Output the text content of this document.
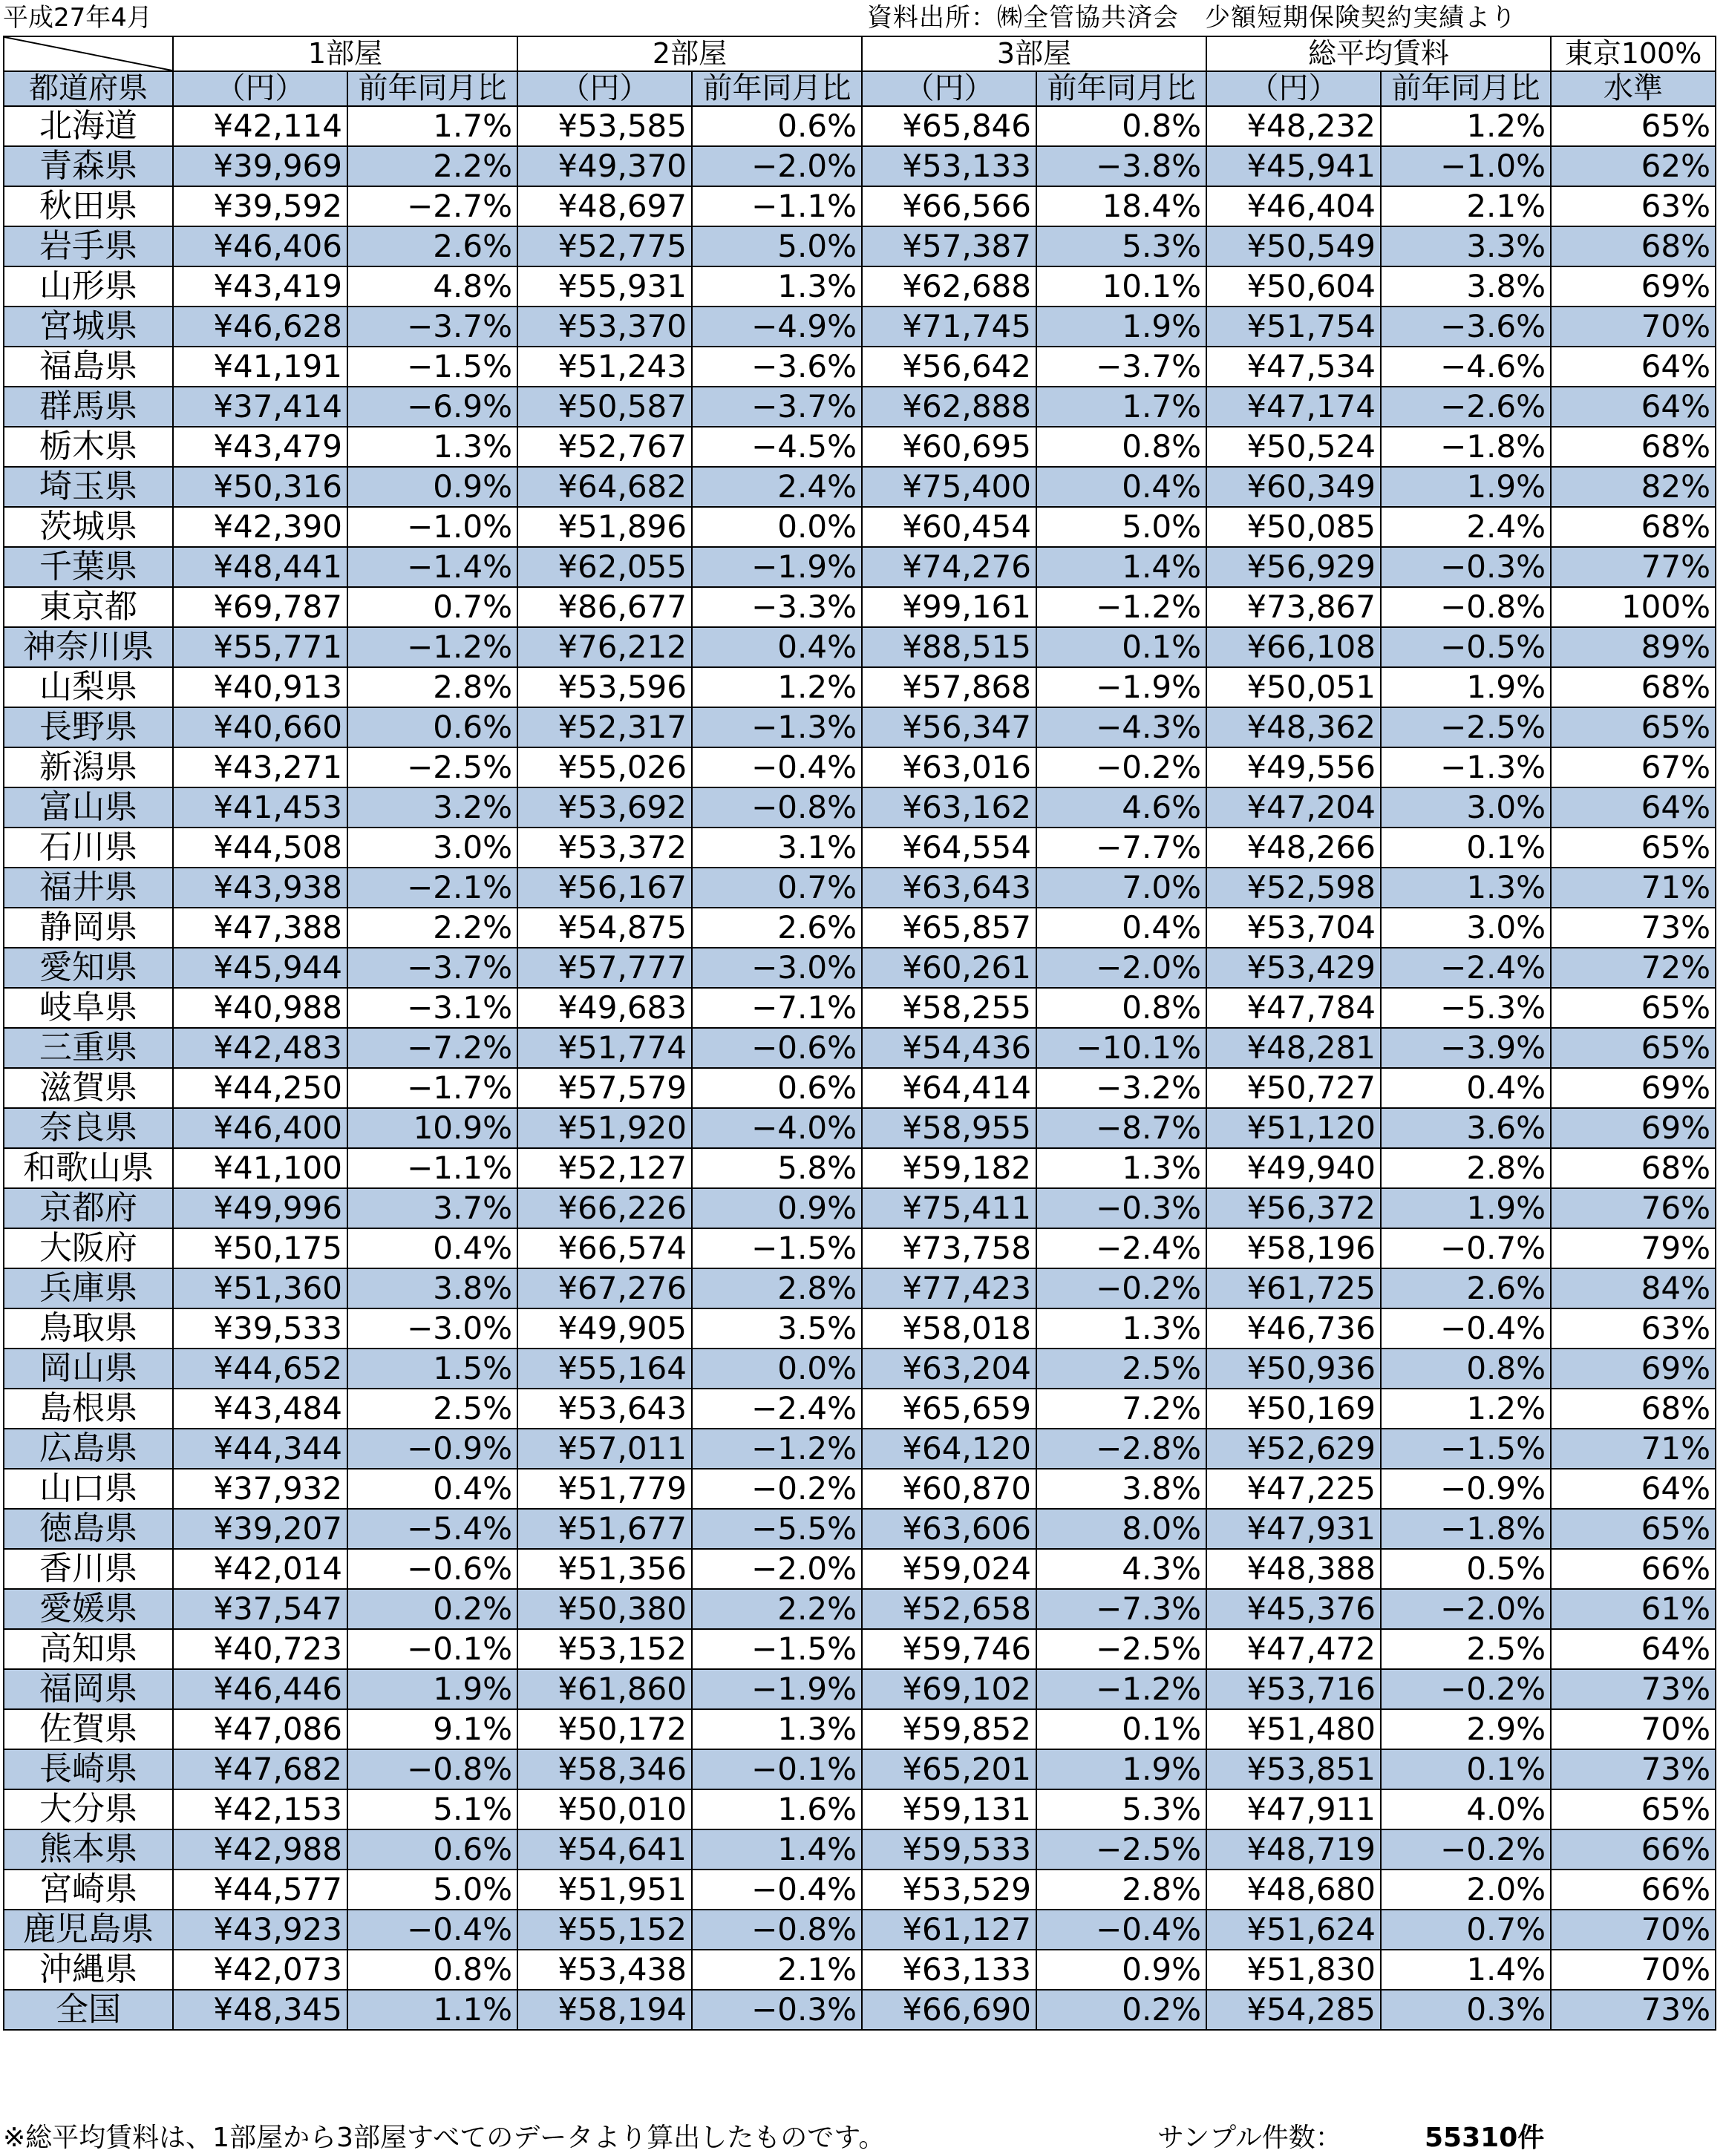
平成27年4月	資料出所：㈱全管協共済会　少額短期保険契約実績より
	1部屋		2部屋		3部屋		総平均賃料		東京100%
都道府県	（円）	前年同月比	（円）	前年同月比	（円）	前年同月比	（円）	前年同月比	水準
北海道	¥42,114	1.7%	¥53,585	0.6%	¥65,846	0.8%	¥48,232	1.2%	65%
青森県	¥39,969	2.2%	¥49,370	−2.0%	¥53,133	−3.8%	¥45,941	−1.0%	62%
秋田県	¥39,592	−2.7%	¥48,697	−1.1%	¥66,566	18.4%	¥46,404	2.1%	63%
岩手県	¥46,406	2.6%	¥52,775	5.0%	¥57,387	5.3%	¥50,549	3.3%	68%
山形県	¥43,419	4.8%	¥55,931	1.3%	¥62,688	10.1%	¥50,604	3.8%	69%
宮城県	¥46,628	−3.7%	¥53,370	−4.9%	¥71,745	1.9%	¥51,754	−3.6%	70%
福島県	¥41,191	−1.5%	¥51,243	−3.6%	¥56,642	−3.7%	¥47,534	−4.6%	64%
群馬県	¥37,414	−6.9%	¥50,587	−3.7%	¥62,888	1.7%	¥47,174	−2.6%	64%
栃木県	¥43,479	1.3%	¥52,767	−4.5%	¥60,695	0.8%	¥50,524	−1.8%	68%
埼玉県	¥50,316	0.9%	¥64,682	2.4%	¥75,400	0.4%	¥60,349	1.9%	82%
茨城県	¥42,390	−1.0%	¥51,896	0.0%	¥60,454	5.0%	¥50,085	2.4%	68%
千葉県	¥48,441	−1.4%	¥62,055	−1.9%	¥74,276	1.4%	¥56,929	−0.3%	77%
東京都	¥69,787	0.7%	¥86,677	−3.3%	¥99,161	−1.2%	¥73,867	−0.8%	100%
神奈川県	¥55,771	−1.2%	¥76,212	0.4%	¥88,515	0.1%	¥66,108	−0.5%	89%
山梨県	¥40,913	2.8%	¥53,596	1.2%	¥57,868	−1.9%	¥50,051	1.9%	68%
長野県	¥40,660	0.6%	¥52,317	−1.3%	¥56,347	−4.3%	¥48,362	−2.5%	65%
新潟県	¥43,271	−2.5%	¥55,026	−0.4%	¥63,016	−0.2%	¥49,556	−1.3%	67%
富山県	¥41,453	3.2%	¥53,692	−0.8%	¥63,162	4.6%	¥47,204	3.0%	64%
石川県	¥44,508	3.0%	¥53,372	3.1%	¥64,554	−7.7%	¥48,266	0.1%	65%
福井県	¥43,938	−2.1%	¥56,167	0.7%	¥63,643	7.0%	¥52,598	1.3%	71%
静岡県	¥47,388	2.2%	¥54,875	2.6%	¥65,857	0.4%	¥53,704	3.0%	73%
愛知県	¥45,944	−3.7%	¥57,777	−3.0%	¥60,261	−2.0%	¥53,429	−2.4%	72%
岐阜県	¥40,988	−3.1%	¥49,683	−7.1%	¥58,255	0.8%	¥47,784	−5.3%	65%
三重県	¥42,483	−7.2%	¥51,774	−0.6%	¥54,436	−10.1%	¥48,281	−3.9%	65%
滋賀県	¥44,250	−1.7%	¥57,579	0.6%	¥64,414	−3.2%	¥50,727	0.4%	69%
奈良県	¥46,400	10.9%	¥51,920	−4.0%	¥58,955	−8.7%	¥51,120	3.6%	69%
和歌山県	¥41,100	−1.1%	¥52,127	5.8%	¥59,182	1.3%	¥49,940	2.8%	68%
京都府	¥49,996	3.7%	¥66,226	0.9%	¥75,411	−0.3%	¥56,372	1.9%	76%
大阪府	¥50,175	0.4%	¥66,574	−1.5%	¥73,758	−2.4%	¥58,196	−0.7%	79%
兵庫県	¥51,360	3.8%	¥67,276	2.8%	¥77,423	−0.2%	¥61,725	2.6%	84%
鳥取県	¥39,533	−3.0%	¥49,905	3.5%	¥58,018	1.3%	¥46,736	−0.4%	63%
岡山県	¥44,652	1.5%	¥55,164	0.0%	¥63,204	2.5%	¥50,936	0.8%	69%
島根県	¥43,484	2.5%	¥53,643	−2.4%	¥65,659	7.2%	¥50,169	1.2%	68%
広島県	¥44,344	−0.9%	¥57,011	−1.2%	¥64,120	−2.8%	¥52,629	−1.5%	71%
山口県	¥37,932	0.4%	¥51,779	−0.2%	¥60,870	3.8%	¥47,225	−0.9%	64%
徳島県	¥39,207	−5.4%	¥51,677	−5.5%	¥63,606	8.0%	¥47,931	−1.8%	65%
香川県	¥42,014	−0.6%	¥51,356	−2.0%	¥59,024	4.3%	¥48,388	0.5%	66%
愛媛県	¥37,547	0.2%	¥50,380	2.2%	¥52,658	−7.3%	¥45,376	−2.0%	61%
高知県	¥40,723	−0.1%	¥53,152	−1.5%	¥59,746	−2.5%	¥47,472	2.5%	64%
福岡県	¥46,446	1.9%	¥61,860	−1.9%	¥69,102	−1.2%	¥53,716	−0.2%	73%
佐賀県	¥47,086	9.1%	¥50,172	1.3%	¥59,852	0.1%	¥51,480	2.9%	70%
長崎県	¥47,682	−0.8%	¥58,346	−0.1%	¥65,201	1.9%	¥53,851	0.1%	73%
大分県	¥42,153	5.1%	¥50,010	1.6%	¥59,131	5.3%	¥47,911	4.0%	65%
熊本県	¥42,988	0.6%	¥54,641	1.4%	¥59,533	−2.5%	¥48,719	−0.2%	66%
宮崎県	¥44,577	5.0%	¥51,951	−0.4%	¥53,529	2.8%	¥48,680	2.0%	66%
鹿児島県	¥43,923	−0.4%	¥55,152	−0.8%	¥61,127	−0.4%	¥51,624	0.7%	70%
沖縄県	¥42,073	0.8%	¥53,438	2.1%	¥63,133	0.9%	¥51,830	1.4%	70%
全国	¥48,345	1.1%	¥58,194	−0.3%	¥66,690	0.2%	¥54,285	0.3%	73%
※総平均賃料は、1部屋から3部屋すべてのデータより算出したものです。	サンプル件数：	55310件
